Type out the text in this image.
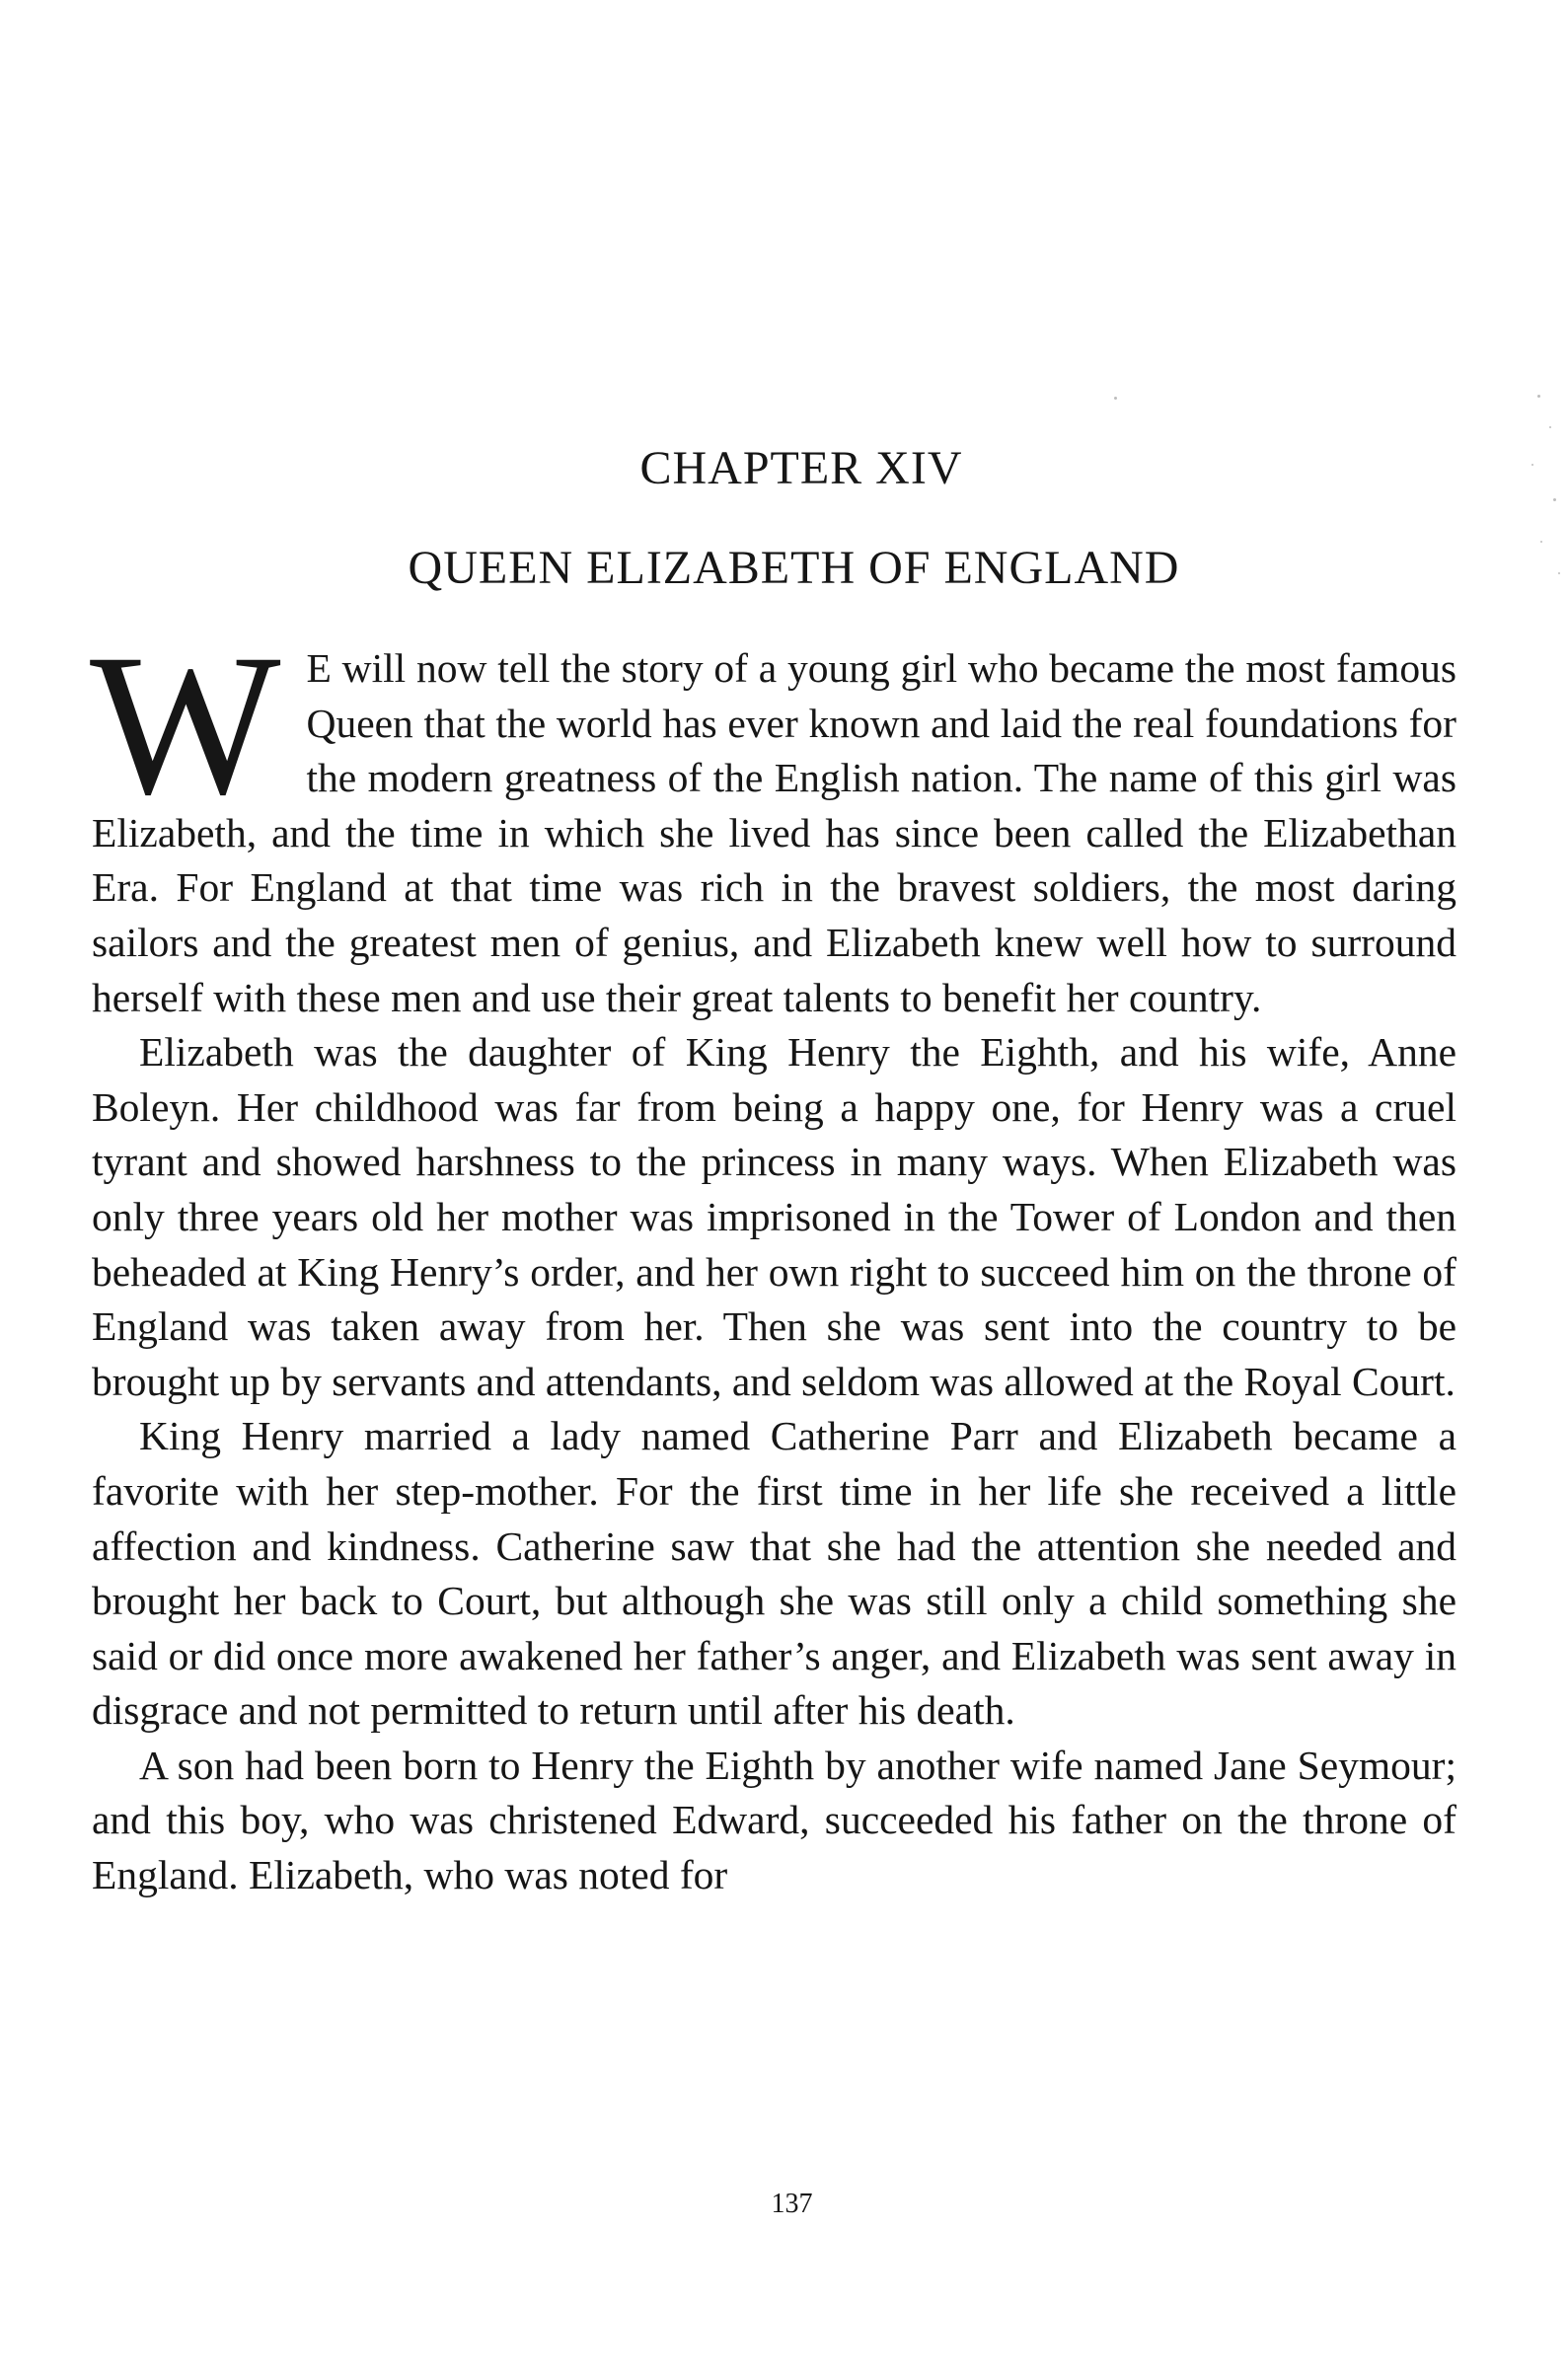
CHAPTER XIV
QUEEN ELIZABETH OF ENGLAND

W E will now tell the story of a young girl who became the most famous Queen that the world has ever known and laid the real foundations for the modern greatness of the English nation. The name of this girl was Elizabeth, and the time in which she lived has since been called the Elizabethan Era. For England at that time was rich in the bravest soldiers, the most daring sailors and the greatest men of genius, and Elizabeth knew well how to surround herself with these men and use their great talents to benefit her country.

Elizabeth was the daughter of King Henry the Eighth, and his wife, Anne Boleyn. Her childhood was far from being a happy one, for Henry was a cruel tyrant and showed harshness to the princess in many ways. When Elizabeth was only three years old her mother was imprisoned in the Tower of London and then beheaded at King Henry’s order, and her own right to succeed him on the throne of England was taken away from her. Then she was sent into the country to be brought up by servants and attendants, and seldom was allowed at the Royal Court.

King Henry married a lady named Catherine Parr and Elizabeth became a favorite with her step-mother. For the first time in her life she received a little affection and kindness. Catherine saw that she had the attention she needed and brought her back to Court, but although she was still only a child something she said or did once more awakened her father’s anger, and Elizabeth was sent away in disgrace and not permitted to return until after his death.

A son had been born to Henry the Eighth by another wife named Jane Seymour; and this boy, who was christened Edward, succeeded his father on the throne of England. Elizabeth, who was noted for

137
